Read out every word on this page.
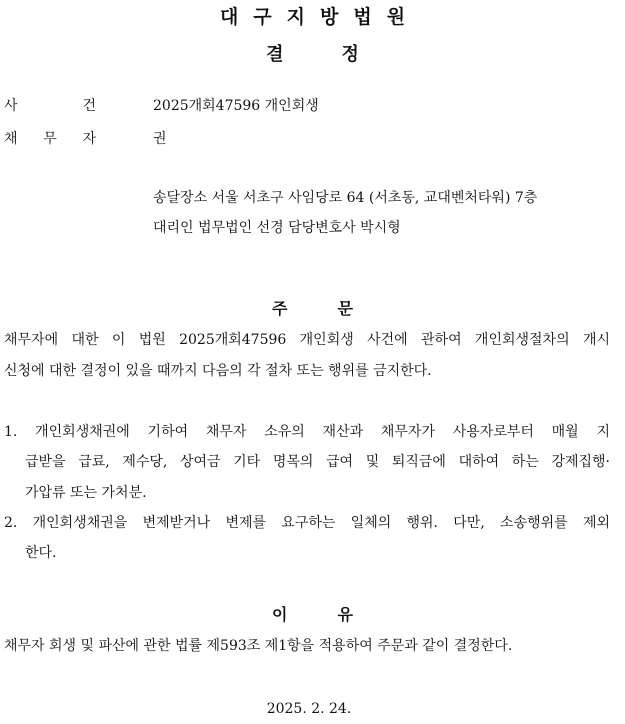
대구지방법원
결정
사	건	2025개회47596 개인회생
채 무 자	권
송달장소 서울 서초구 사임당로 64 (서초동, 교대벤처타워) 7층
대리인 법무법인 선경 담당변호사 박시형
주문
채무자에 대한 이 법원 2025개회47596 개인회생 사건에 관하여 개인회생절차의 개시
신청에 대한 결정이 있을 때까지 다음의 각 절차 또는 행위를 금지한다.
1. 개인회생채권에 기하여 채무자 소유의 재산과 채무자가 사용자로부터 매월 지
급받을 급료, 제수당, 상여금 기타 명목의 급여 및 퇴직금에 대하여 하는 강제집행·
가압류 또는 가처분.
2. 개인회생채권을 변제받거나 변제를 요구하는 일체의 행위. 다만, 소송행위를 제외
한다.
이유
채무자 회생 및 파산에 관한 법률 제593조 제1항을 적용하여 주문과 같이 결정한다.
2025. 2. 24.
